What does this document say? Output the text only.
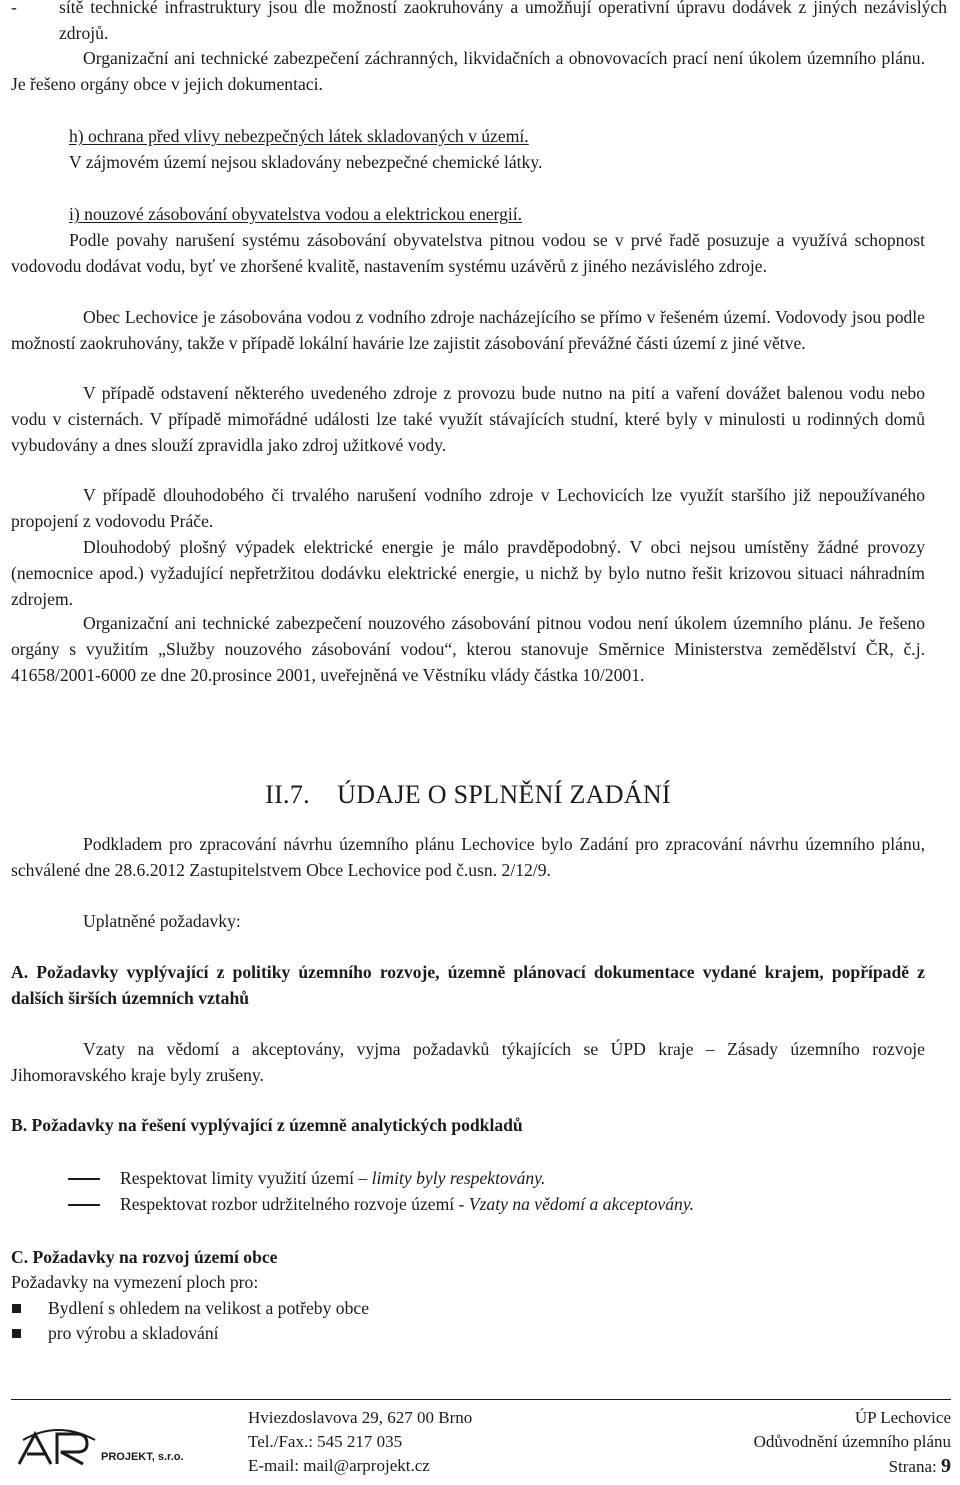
- sítě technické infrastruktury jsou dle možností zaokruhovány a umožňují operativní úpravu dodávek z jiných nezávislých zdrojů.

Organizační ani technické zabezpečení záchranných, likvidačních a obnovovacích prací není úkolem územního plánu. Je řešeno orgány obce v jejich dokumentaci.

h) ochrana před vlivy nebezpečných látek skladovaných v území.

V zájmovém území nejsou skladovány nebezpečné chemické látky.

i) nouzové zásobování obyvatelstva vodou a elektrickou energií.

Podle povahy narušení systému zásobování obyvatelstva pitnou vodou se v prvé řadě posuzuje a využívá schopnost vodovodu dodávat vodu, byť ve zhoršené kvalitě, nastavením systému uzávěrů z jiného nezávislého zdroje.

Obec Lechovice je zásobována vodou z vodního zdroje nacházejícího se přímo v řešeném území. Vodovody jsou podle možností zaokruhovány, takže v případě lokální havárie lze zajistit zásobování převážné části území z jiné větve.

V případě odstavení některého uvedeného zdroje z provozu bude nutno na pití a vaření dovážet balenou vodu nebo vodu v cisternách. V případě mimořádné události lze také využít stávajících studní, které byly v minulosti u rodinných domů vybudovány a dnes slouží zpravidla jako zdroj užitkové vody.

V případě dlouhodobého či trvalého narušení vodního zdroje v Lechovicích lze využít staršího již nepoužívaného propojení z vodovodu Práče.

Dlouhodobý plošný výpadek elektrické energie je málo pravděpodobný. V obci nejsou umístěny žádné provozy (nemocnice apod.) vyžadující nepřetržitou dodávku elektrické energie, u nichž by bylo nutno řešit krizovou situaci náhradním zdrojem.

Organizační ani technické zabezpečení nouzového zásobování pitnou vodou není úkolem územního plánu. Je řešeno orgány s využitím „Služby nouzového zásobování vodou“, kterou stanovuje Směrnice Ministerstva zemědělství ČR, č.j. 41658/2001-6000 ze dne 20.prosince 2001, uveřejněná ve Věstníku vlády částka 10/2001.

II.7. ÚDAJE O SPLNĚNÍ ZADÁNÍ

Podkladem pro zpracování návrhu územního plánu Lechovice bylo Zadání pro zpracování návrhu územního plánu, schválené dne 28.6.2012 Zastupitelstvem Obce Lechovice pod č.usn. 2/12/9.

Uplatněné požadavky:

A. Požadavky vyplývající z politiky územního rozvoje, územně plánovací dokumentace vydané krajem, popřípadě z dalších širších územních vztahů

Vzaty na vědomí a akceptovány, vyjma požadavků týkajících se ÚPD kraje – Zásady územního rozvoje Jihomoravského kraje byly zrušeny.

B. Požadavky na řešení vyplývající z územně analytických podkladů

Respektovat limity využití území – limity byly respektovány.
Respektovat rozbor udržitelného rozvoje území - Vzaty na vědomí a akceptovány.

C. Požadavky na rozvoj území obce

Požadavky na vymezení ploch pro:

Bydlení s ohledem na velikost a potřeby obce
pro výrobu a skladování
PROJEKT, s.r.o.
Hviezdoslavova 29, 627 00 Brno
Tel./Fax.: 545 217 035
E-mail: mail@arprojekt.cz
ÚP Lechovice
Odůvodnění územního plánu
Strana: 9
